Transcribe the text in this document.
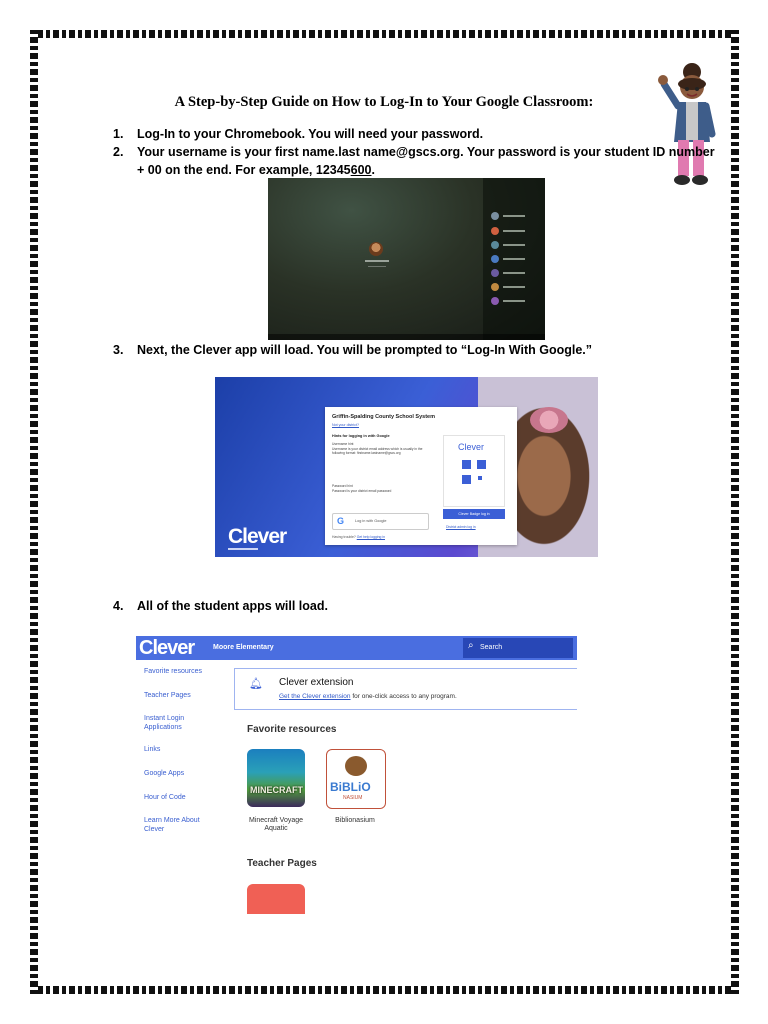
A Step-by-Step Guide on How to Log-In to Your Google Classroom:
1. Log-In to your Chromebook. You will need your password.
2. Your username is your first name.last name@gscs.org. Your password is your student ID number
+ 00 on the end. For example, 12345600.
3. Next, the Clever app will load. You will be prompted to “Log-In With Google.”
Griffin-Spalding County School System
Not your district?
Hints for logging in with Google
Username hint
Username is your district email address which is usually in the following format: firstname.lastname@gscs.org
Password hint
Password is your district email password
G	Log in with Google
Having trouble? Get help logging in
Clever
Clever Badge log in
District admin log in
Clever
4. All of the student apps will load.
Clever	Moore Elementary	⌕ Search
Favorite resources
Teacher Pages
Instant Login Applications
Links
Google Apps
Hour of Code
Learn More About Clever
🔔︎ Clever extension
Get the Clever extension for one-click access to any program.
Favorite resources
MINECRAFT
Minecraft Voyage Aquatic
BiBLiO
NASIUM
Biblionasium
Teacher Pages
